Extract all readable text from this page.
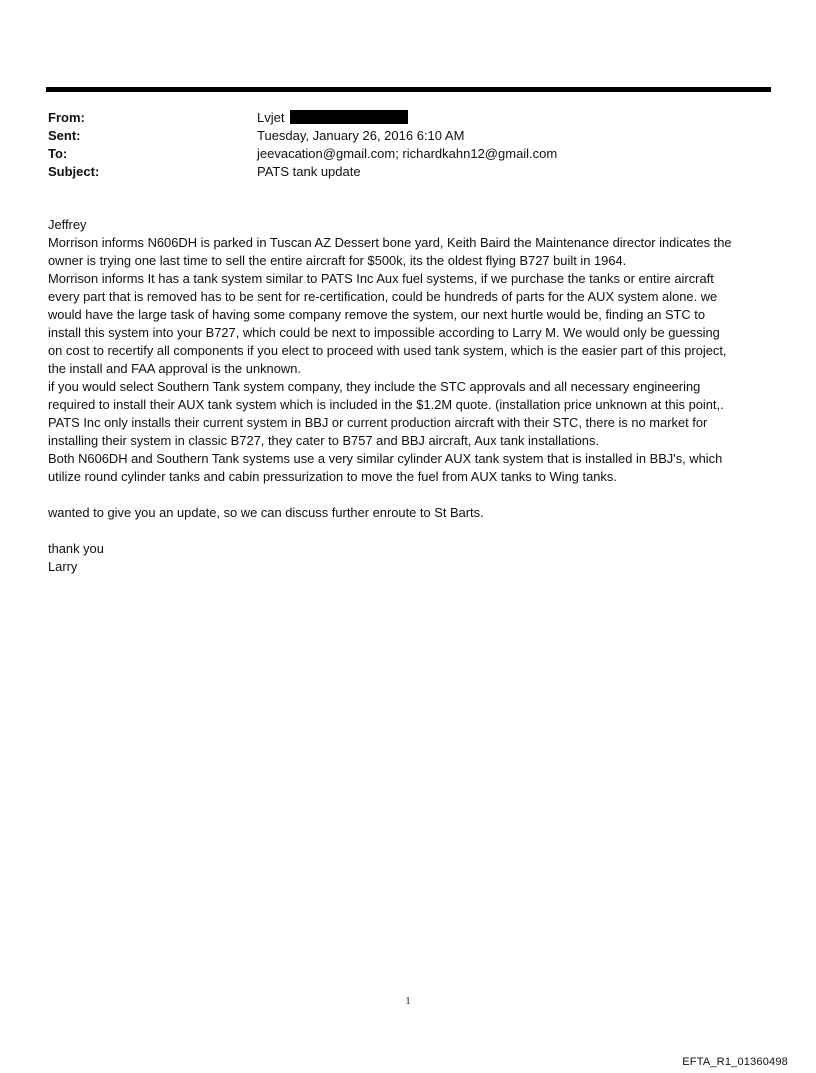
From:	Lvjet
Sent:	Tuesday, January 26, 2016 6:10 AM
To:	jeevacation@gmail.com; richardkahn12@gmail.com
Subject:	PATS tank update

Jeffrey

Morrison informs N606DH is parked in Tuscan AZ Dessert bone yard, Keith Baird the Maintenance director indicates the

owner is trying one last time to sell the entire aircraft for $500k, its the oldest flying B727 built in 1964.

Morrison informs It has a tank system similar to PATS Inc Aux fuel systems, if we purchase the tanks or entire aircraft

every part that is removed has to be sent for re-certification, could be hundreds of parts for the AUX system alone. we

would have the large task of having some company remove the system, our next hurtle would be, finding an STC to

install this system into your B727, which could be next to impossible according to Larry M. We would only be guessing

on cost to recertify all components if you elect to proceed with used tank system, which is the easier part of this project,

the install and FAA approval is the unknown.

if you would select Southern Tank system company, they include the STC approvals and all necessary engineering

required to install their AUX tank system which is included in the $1.2M quote. (installation price unknown at this point,.

PATS Inc only installs their current system in BBJ or current production aircraft with their STC, there is no market for

installing their system in classic B727, they cater to B757 and BBJ aircraft, Aux tank installations.

Both N606DH and Southern Tank systems use a very similar cylinder AUX tank system that is installed in BBJ's, which

utilize round cylinder tanks and cabin pressurization to move the fuel from AUX tanks to Wing tanks.

wanted to give you an update, so we can discuss further enroute to St Barts.

thank you

Larry

1
EFTA_R1_01360498
